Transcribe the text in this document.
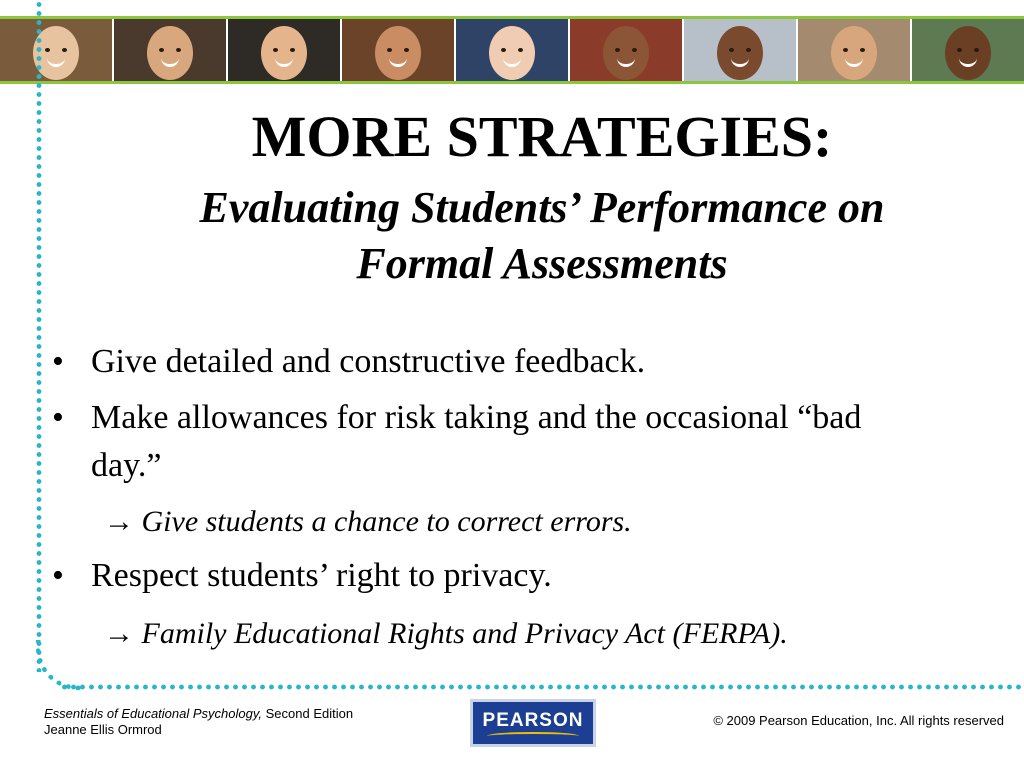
MORE STRATEGIES:
Evaluating Students’ Performance on
Formal Assessments
• Give detailed and constructive feedback.
• Make allowances for risk taking and the occasional “bad
day.”
→ Give students a chance to correct errors.
• Respect students’ right to privacy.
→ Family Educational Rights and Privacy Act (FERPA).
Essentials of Educational Psychology, Second Edition
Jeanne Ellis Ormrod	PEARSON	© 2009 Pearson Education, Inc. All rights reserved
